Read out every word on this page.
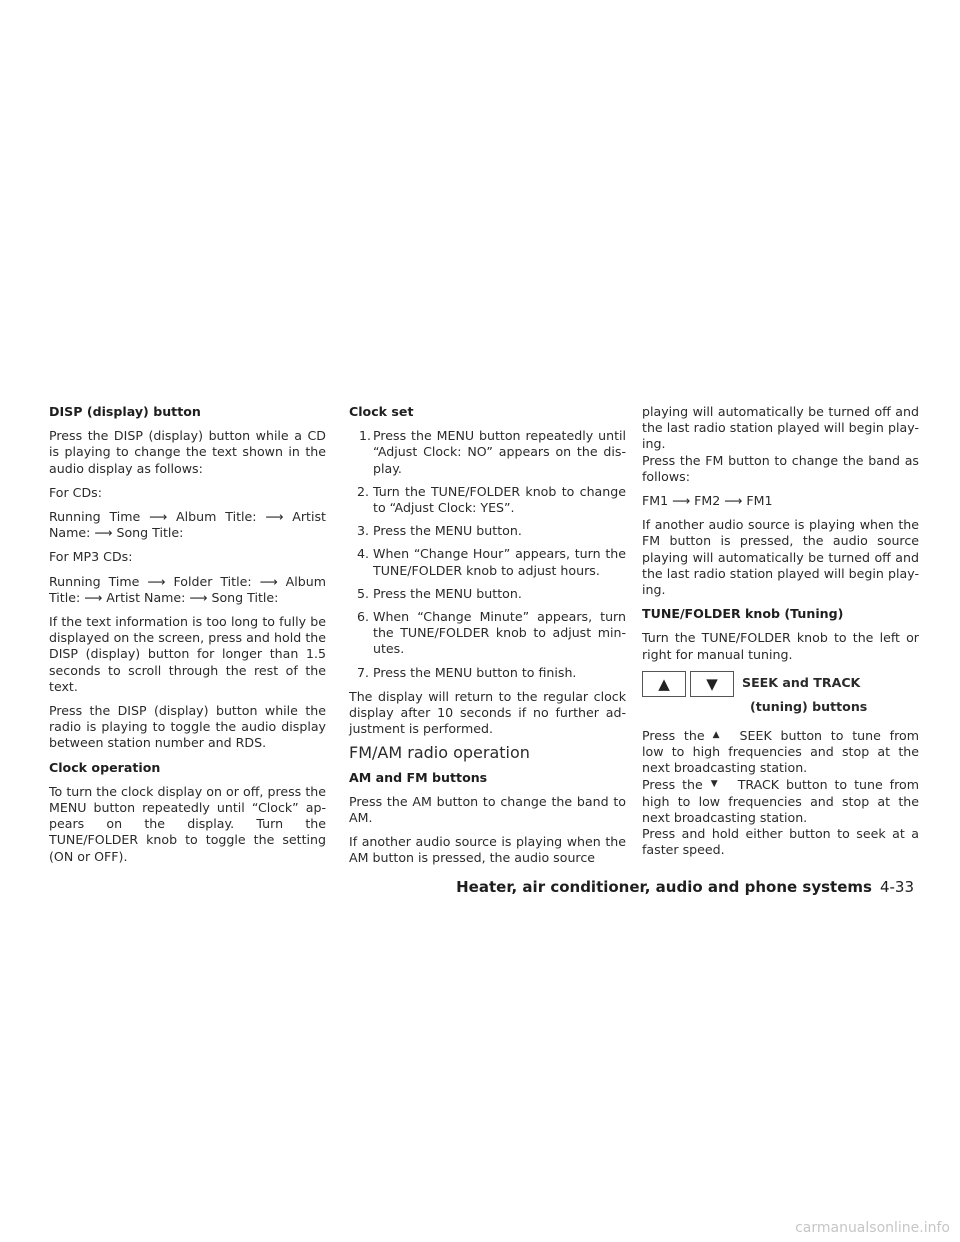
DISP (display) button

Press the DISP (display) button while a CD is playing to change the text shown in the audio display as follows:

For CDs:

Running Time ⟶ Album Title: ⟶ Artist Name: ⟶ Song Title:

For MP3 CDs:

Running Time ⟶ Folder Title: ⟶ Album Title: ⟶ Artist Name: ⟶ Song Title:

If the text information is too long to fully be displayed on the screen, press and hold the DISP (display) button for longer than 1.5 seconds to scroll through the rest of the text.

Press the DISP (display) button while the radio is playing to toggle the audio display between station number and RDS.

Clock operation

To turn the clock display on or off, press the MENU button repeatedly until “Clock” ap- pears on the display. Turn the TUNE/FOLDER knob to toggle the setting (ON or OFF).

Clock set
1. Press the MENU button repeatedly until “Adjust Clock: NO” appears on the dis- play.
2. Turn the TUNE/FOLDER knob to change to “Adjust Clock: YES”.
3. Press the MENU button.
4. When “Change Hour” appears, turn the TUNE/FOLDER knob to adjust hours.
5. Press the MENU button.
6. When “Change Minute” appears, turn the TUNE/FOLDER knob to adjust min- utes.
7. Press the MENU button to finish.

The display will return to the regular clock display after 10 seconds if no further ad- justment is performed.

FM/AM radio operation
AM and FM buttons

Press the AM button to change the band to AM.

If another audio source is playing when the AM button is pressed, the audio source

playing will automatically be turned off and the last radio station played will begin play- ing.

Press the FM button to change the band as follows:

FM1 ⟶ FM2 ⟶ FM1

If another audio source is playing when the FM button is pressed, the audio source playing will automatically be turned off and the last radio station played will begin play- ing.

TUNE/FOLDER knob (Tuning)

Turn the TUNE/FOLDER knob to the left or right for manual tuning.

▲	▼	SEEK and TRACK
(tuning) buttons

Press the ▲ SEEK button to tune from low to high frequencies and stop at the next broadcasting station.

Press the ▼ TRACK button to tune from high to low frequencies and stop at the next broadcasting station.

Press and hold either button to seek at a faster speed.

Heater, air conditioner, audio and phone systems 4-33
carmanualsonline.info
